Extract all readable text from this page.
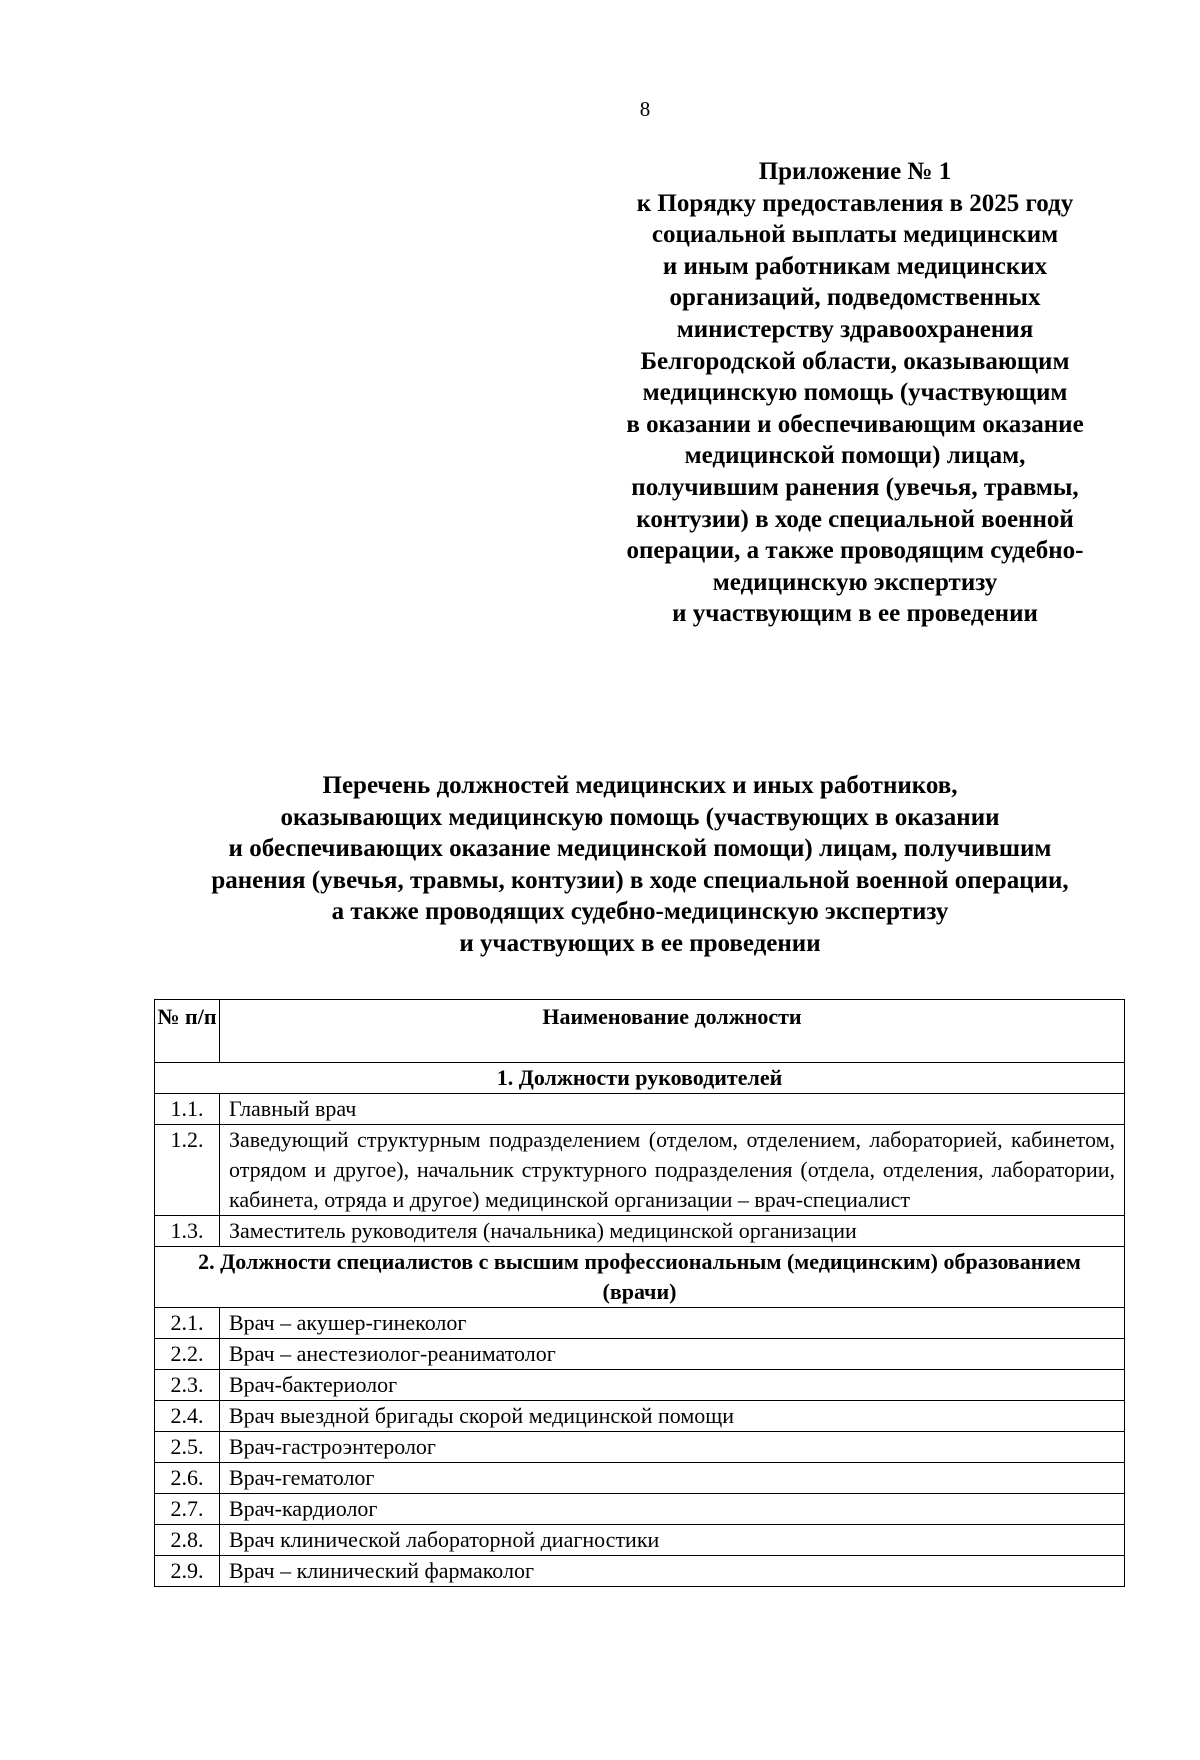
8
Приложение № 1
к Порядку предоставления в 2025 году
социальной выплаты медицинским
и иным работникам медицинских
организаций, подведомственных
министерству здравоохранения
Белгородской области, оказывающим
медицинскую помощь (участвующим
в оказании и обеспечивающим оказание
медицинской помощи) лицам,
получившим ранения (увечья, травмы,
контузии) в ходе специальной военной
операции, а также проводящим судебно-
медицинскую экспертизу
и участвующим в ее проведении
Перечень должностей медицинских и иных работников,
оказывающих медицинскую помощь (участвующих в оказании
и обеспечивающих оказание медицинской помощи) лицам, получившим
ранения (увечья, травмы, контузии) в ходе специальной военной операции,
а также проводящих судебно-медицинскую экспертизу
и участвующих в ее проведении
№ п/п	Наименование должности

1. Должности руководителей	
1.1.	Главный врач
1.2.	Заведующий структурным подразделением (отделом, отделением, лабораторией, кабинетом, отрядом и другое), начальник структурного подразделения (отдела, отделения, лаборатории, кабинета, отряда и другое) медицинской организации – врач-специалист
1.3.	Заместитель руководителя (начальника) медицинской организации
2. Должности специалистов с высшим профессиональным (медицинским) образованием (врачи)	
2.1.	Врач – акушер-гинеколог
2.2.	Врач – анестезиолог-реаниматолог
2.3.	Врач-бактериолог
2.4.	Врач выездной бригады скорой медицинской помощи
2.5.	Врач-гастроэнтеролог
2.6.	Врач-гематолог
2.7.	Врач-кардиолог
2.8.	Врач клинической лабораторной диагностики
2.9.	Врач – клинический фармаколог
